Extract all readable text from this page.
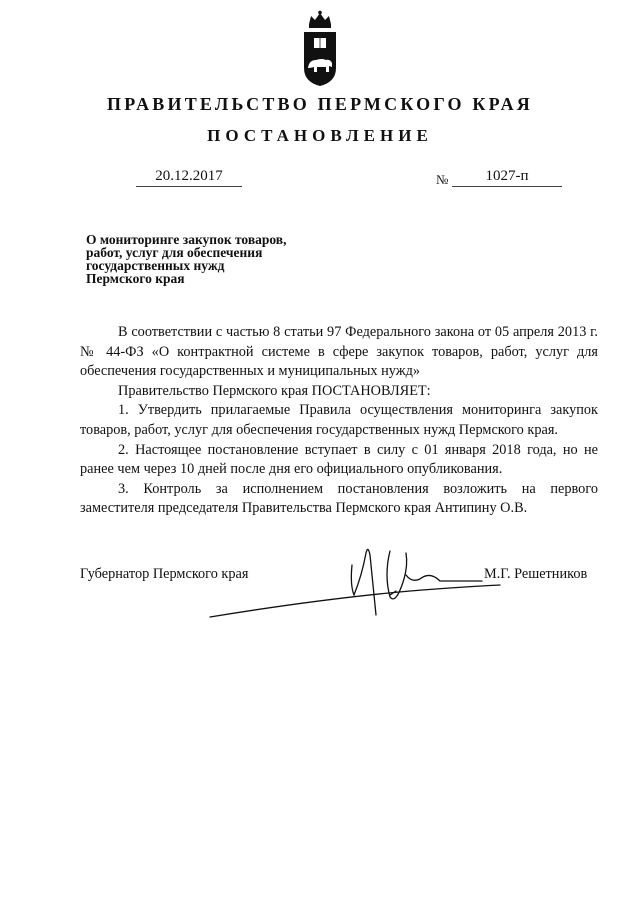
ПРАВИТЕЛЬСТВО ПЕРМСКОГО КРАЯ
ПОСТАНОВЛЕНИЕ
20.12.2017	№	1027-п
О мониторинге закупок товаров,
работ, услуг для обеспечения
государственных нужд
Пермского края

В соответствии с частью 8 статьи 97 Федерального закона от 05 апреля 2013 г. № 44-ФЗ «О контрактной системе в сфере закупок товаров, работ, услуг для обеспечения государственных и муниципальных нужд»

Правительство Пермского края ПОСТАНОВЛЯЕТ:

1. Утвердить прилагаемые Правила осуществления мониторинга закупок товаров, работ, услуг для обеспечения государственных нужд Пермского края.

2. Настоящее постановление вступает в силу с 01 января 2018 года, но не ранее чем через 10 дней после дня его официального опубликования.

3. Контроль за исполнением постановления возложить на первого заместителя председателя Правительства Пермского края Антипину О.В.

Губернатор Пермского края	М.Г. Решетников
